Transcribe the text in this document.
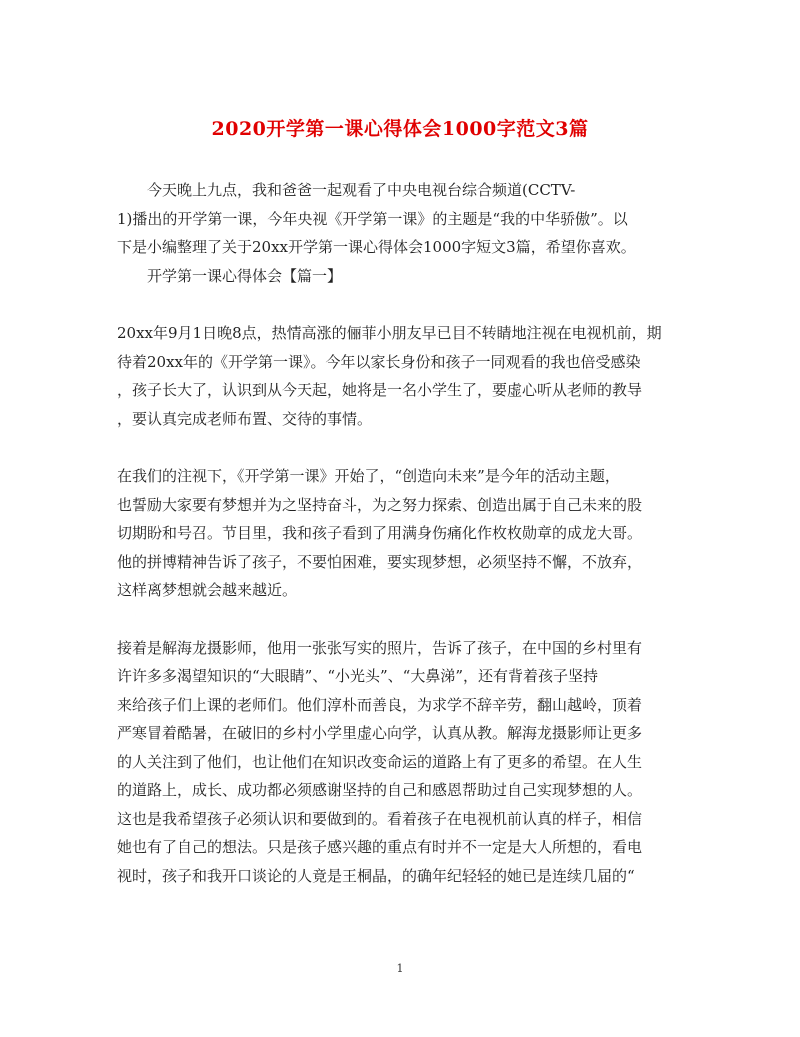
2020开学第一课心得体会1000字范文3篇
今天晚上九点，我和爸爸一起观看了中央电视台综合频道(CCTV-
1)播出的开学第一课，今年央视《开学第一课》的主题是“我的中华骄傲”。以
下是小编整理了关于20xx开学第一课心得体会1000字短文3篇，希望你喜欢。
开学第一课心得体会【篇一】
20xx年9月1日晚8点，热情高涨的俪菲小朋友早已目不转睛地注视在电视机前，期
待着20xx年的《开学第一课》。今年以家长身份和孩子一同观看的我也倍受感染
，孩子长大了，认识到从今天起，她将是一名小学生了，要虚心听从老师的教导
，要认真完成老师布置、交待的事情。
在我们的注视下，《开学第一课》开始了，“创造向未来”是今年的活动主题，
也誓励大家要有梦想并为之坚持奋斗，为之努力探索、创造出属于自己未来的股
切期盼和号召。节目里，我和孩子看到了用满身伤痛化作枚枚勋章的成龙大哥。
他的拼博精神告诉了孩子，不要怕困难，要实现梦想，必须坚持不懈，不放弃，
这样离梦想就会越来越近。
接着是解海龙摄影师，他用一张张写实的照片，告诉了孩子，在中国的乡村里有
许许多多渴望知识的“大眼睛”、“小光头”、“大鼻涕”，还有背着孩子坚持
来给孩子们上课的老师们。他们淳朴而善良，为求学不辞辛劳，翻山越岭，顶着
严寒冒着酷暑，在破旧的乡村小学里虚心向学，认真从教。解海龙摄影师让更多
的人关注到了他们，也让他们在知识改变命运的道路上有了更多的希望。在人生
的道路上，成长、成功都必须感谢坚持的自己和感恩帮助过自己实现梦想的人。
这也是我希望孩子必须认识和要做到的。看着孩子在电视机前认真的样子，相信
她也有了自己的想法。只是孩子感兴趣的重点有时并不一定是大人所想的，看电
视时，孩子和我开口谈论的人竟是王桐晶，的确年纪轻轻的她已是连续几届的“
1
